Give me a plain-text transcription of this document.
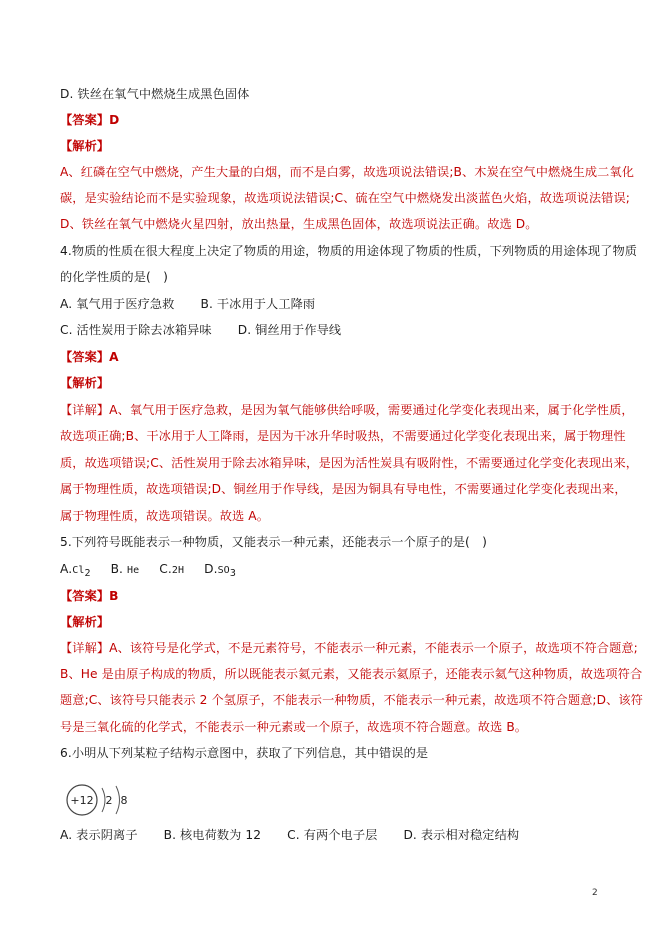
D. 铁丝在氧气中燃烧生成黑色固体
【答案】D
【解析】
A、红磷在空气中燃烧，产生大量的白烟，而不是白雾，故选项说法错误;B、木炭在空气中燃烧生成二氧化
碳，是实验结论而不是实验现象，故选项说法错误;C、硫在空气中燃烧发出淡蓝色火焰，故选项说法错误;
D、铁丝在氧气中燃烧火星四射，放出热量，生成黑色固体，故选项说法正确。故选 D。
4.物质的性质在很大程度上决定了物质的用途，物质的用途体现了物质的性质，下列物质的用途体现了物质
的化学性质的是(　)
A. 氧气用于医疗急救 B. 干冰用于人工降雨
C. 活性炭用于除去冰箱异味 D. 铜丝用于作导线
【答案】A
【解析】
【详解】A、氧气用于医疗急救，是因为氧气能够供给呼吸，需要通过化学变化表现出来，属于化学性质，
故选项正确;B、干冰用于人工降雨，是因为干冰升华时吸热，不需要通过化学变化表现出来，属于物理性
质，故选项错误;C、活性炭用于除去冰箱异味，是因为活性炭具有吸附性，不需要通过化学变化表现出来，
属于物理性质，故选项错误;D、铜丝用于作导线，是因为铜具有导电性，不需要通过化学变化表现出来，
属于物理性质，故选项错误。故选 A。
5.下列符号既能表示一种物质，又能表示一种元素，还能表示一个原子的是(　)
$A.Cl_2$ B. He C.2H $D.SO_3$
【答案】B
【解析】
【详解】A、该符号是化学式，不是元素符号，不能表示一种元素，不能表示一个原子，故选项不符合题意;
B、He 是由原子构成的物质，所以既能表示氦元素，又能表示氦原子，还能表示氦气这种物质，故选项符合
题意;C、该符号只能表示 2 个氢原子，不能表示一种物质，不能表示一种元素，故选项不符合题意;D、该符
号是三氧化硫的化学式，不能表示一种元素或一个原子，故选项不符合题意。故选 B。
6.小明从下列某粒子结构示意图中，获取了下列信息，其中错误的是
+12 2 8
A. 表示阴离子 B. 核电荷数为 12 C. 有两个电子层 D. 表示相对稳定结构
2
